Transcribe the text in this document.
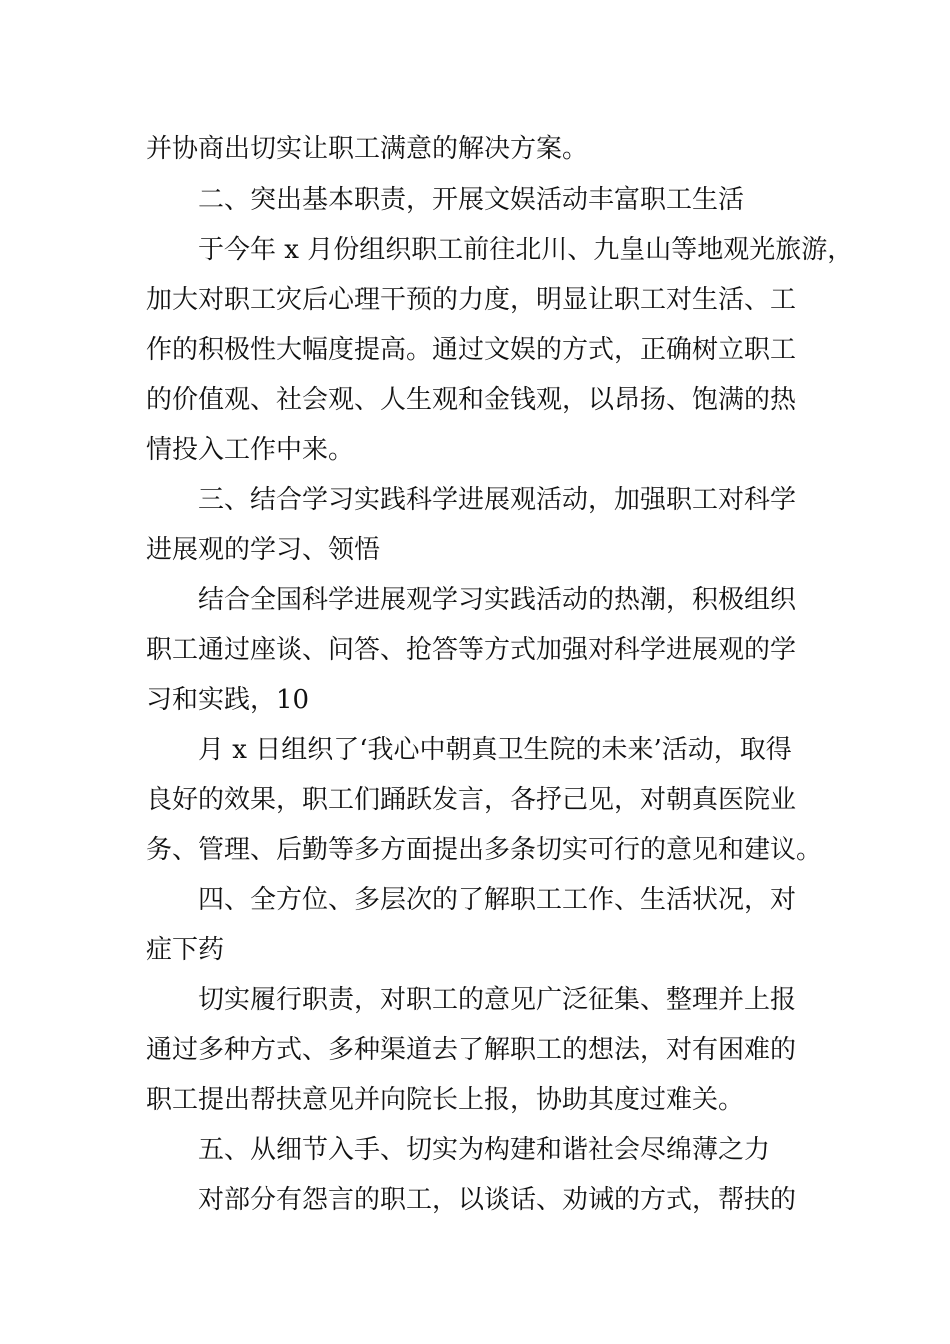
并协商出切实让职工满意的解决方案。
二、突出基本职责，开展文娱活动丰富职工生活
于今年 x 月份组织职工前往北川、九皇山等地观光旅游，
加大对职工灾后心理干预的力度，明显让职工对生活、工
作的积极性大幅度提高。通过文娱的方式，正确树立职工
的价值观、社会观、人生观和金钱观，以昂扬、饱满的热
情投入工作中来。
三、结合学习实践科学进展观活动，加强职工对科学
进展观的学习、领悟
结合全国科学进展观学习实践活动的热潮，积极组织
职工通过座谈、问答、抢答等方式加强对科学进展观的学
习和实践，10
月 x 日组织了‘我心中朝真卫生院的未来’活动，取得
良好的效果，职工们踊跃发言，各抒己见，对朝真医院业
务、管理、后勤等多方面提出多条切实可行的意见和建议。
四、全方位、多层次的了解职工工作、生活状况，对
症下药
切实履行职责，对职工的意见广泛征集、整理并上报
通过多种方式、多种渠道去了解职工的想法，对有困难的
职工提出帮扶意见并向院长上报，协助其度过难关。
五、从细节入手、切实为构建和谐社会尽绵薄之力
对部分有怨言的职工，以谈话、劝诫的方式，帮扶的
